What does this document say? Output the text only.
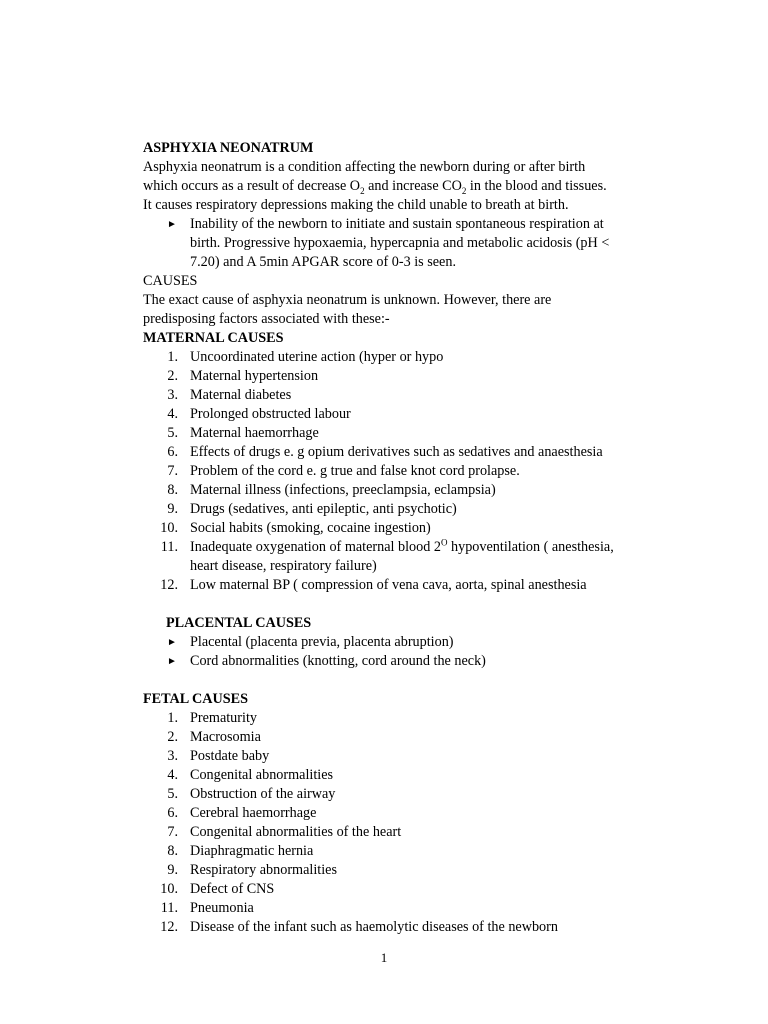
ASPHYXIA NEONATRUM
Asphyxia neonatrum is a condition affecting the newborn during or after birth
which occurs as a result of decrease $O_2$ and increase $CO_2$ in the blood and tissues.
It causes respiratory depressions making the child unable to breath at birth.
► Inability of the newborn to initiate and sustain spontaneous respiration at
birth. Progressive hypoxaemia, hypercapnia and metabolic acidosis (pH <
7.20) and A 5min APGAR score of 0-3 is seen.
CAUSES
The exact cause of asphyxia neonatrum is unknown. However, there are
predisposing factors associated with these:-
MATERNAL CAUSES
1. Uncoordinated uterine action (hyper or hypo
2. Maternal hypertension
3. Maternal diabetes
4. Prolonged obstructed labour
5. Maternal haemorrhage
6. Effects of drugs e. g opium derivatives such as sedatives and anaesthesia
7. Problem of the cord e. g true and false knot cord prolapse.
8. Maternal illness (infections, preeclampsia, eclampsia)
9. Drugs (sedatives, anti epileptic, anti psychotic)
10. Social habits (smoking, cocaine ingestion)
11. Inadequate oxygenation of maternal blood $2^O$ hypoventilation ( anesthesia,
heart disease, respiratory failure)
12. Low maternal BP ( compression of vena cava, aorta, spinal anesthesia
PLACENTAL CAUSES
► Placental (placenta previa, placenta abruption)
► Cord abnormalities (knotting, cord around the neck)
FETAL CAUSES
1. Prematurity
2. Macrosomia
3. Postdate baby
4. Congenital abnormalities
5. Obstruction of the airway
6. Cerebral haemorrhage
7. Congenital abnormalities of the heart
8. Diaphragmatic hernia
9. Respiratory abnormalities
10. Defect of CNS
11. Pneumonia
12. Disease of the infant such as haemolytic diseases of the newborn
1
